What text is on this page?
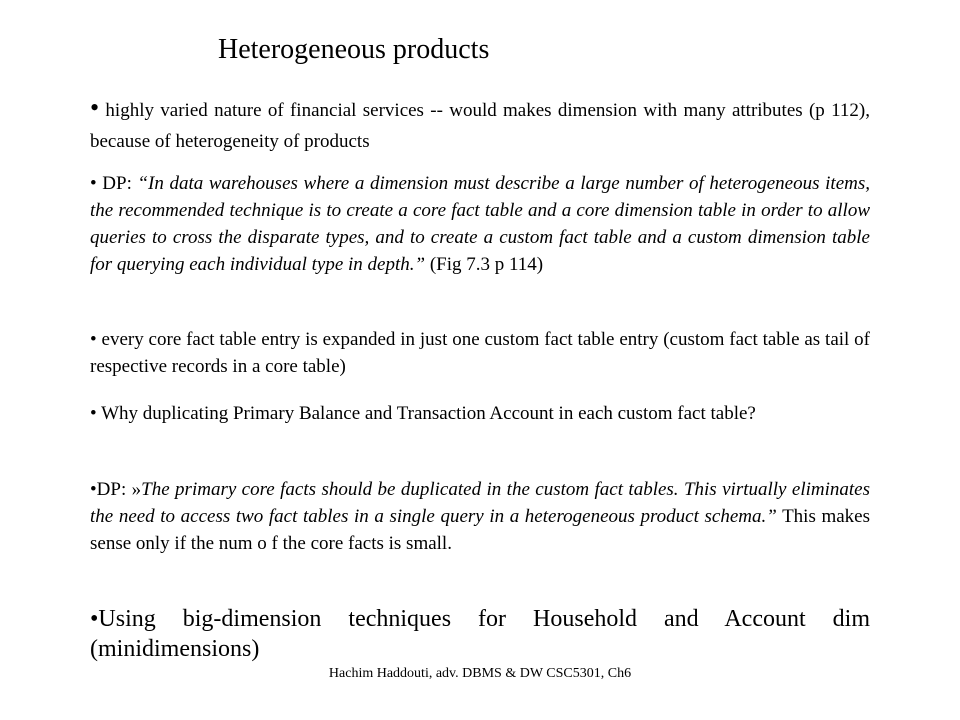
Heterogeneous products

• highly varied nature of financial services -- would makes dimension with many attributes (p 112), because of heterogeneity of products

• DP: “In data warehouses where a dimension must describe a large number of heterogeneous items, the recommended technique is to create a core fact table and a core dimension table in order to allow queries to cross the disparate types, and to create a custom fact table and a custom dimension table for querying each individual type in depth.” (Fig 7.3 p 114)

• every core fact table entry is expanded in just one custom fact table entry (custom fact table as tail of respective records in a core table)

• Why duplicating Primary Balance and Transaction Account in each custom fact table?

•DP: »The primary core facts should be duplicated in the custom fact tables. This virtually eliminates the need to access two fact tables in a single query in a heterogeneous product schema.” This makes sense only if the num o f the core facts is small.

•Using big-dimension techniques for Household and Account dim (minidimensions)

Hachim Haddouti, adv. DBMS & DW CSC5301, Ch6
